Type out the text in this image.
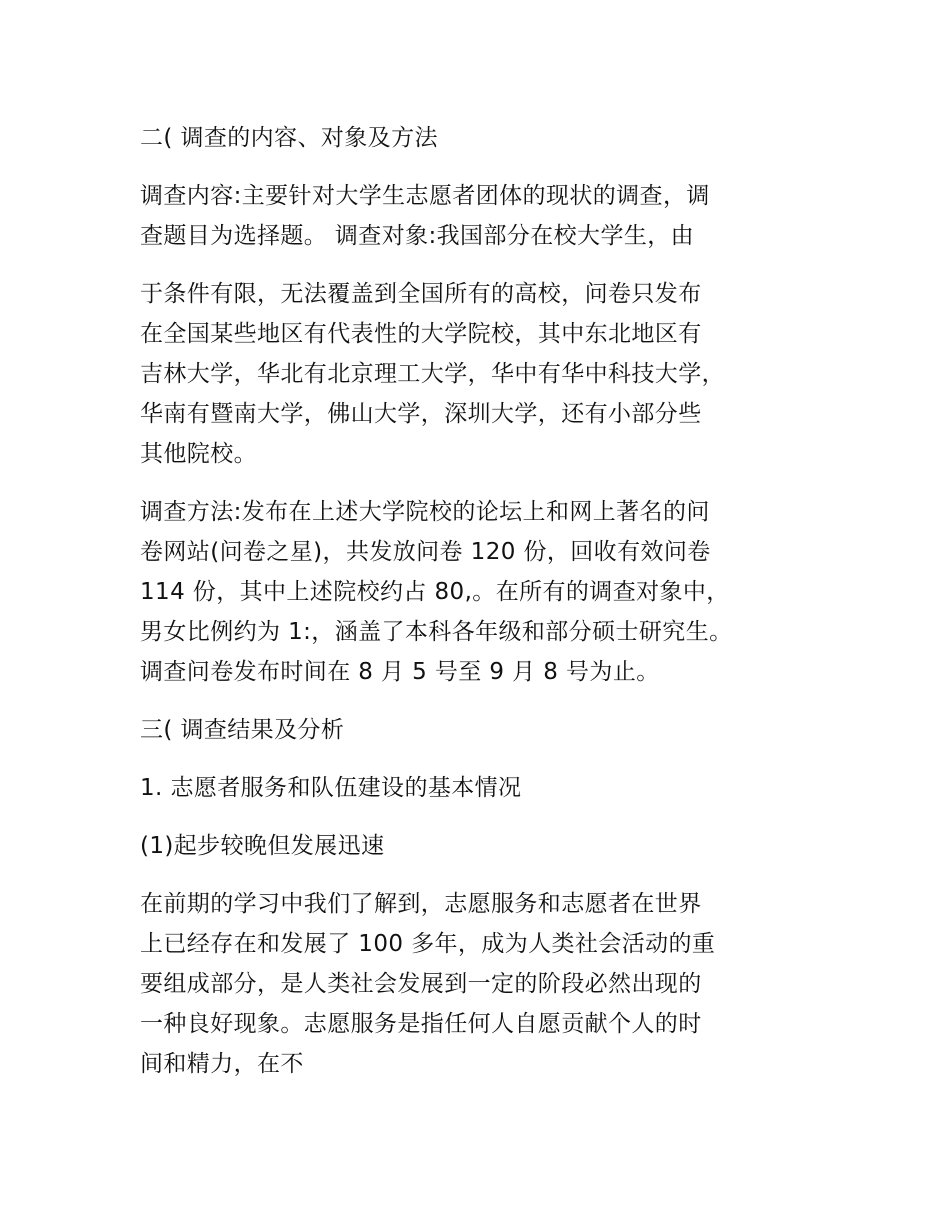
二( 调查的内容、对象及方法

调查内容:主要针对大学生志愿者团体的现状的调查，调
查题目为选择题。 调查对象:我国部分在校大学生，由

于条件有限，无法覆盖到全国所有的高校，问卷只发布
在全国某些地区有代表性的大学院校，其中东北地区有
吉林大学，华北有北京理工大学，华中有华中科技大学，
华南有暨南大学，佛山大学，深圳大学，还有小部分些
其他院校。

调查方法:发布在上述大学院校的论坛上和网上著名的问
卷网站(问卷之星)，共发放问卷 120 份，回收有效问卷
114 份，其中上述院校约占 80,。在所有的调查对象中，
男女比例约为 1:，涵盖了本科各年级和部分硕士研究生。
调查问卷发布时间在 8 月 5 号至 9 月 8 号为止。

三( 调查结果及分析

1. 志愿者服务和队伍建设的基本情况

(1)起步较晚但发展迅速

在前期的学习中我们了解到，志愿服务和志愿者在世界
上已经存在和发展了 100 多年，成为人类社会活动的重
要组成部分，是人类社会发展到一定的阶段必然出现的
一种良好现象。志愿服务是指任何人自愿贡献个人的时
间和精力，在不
